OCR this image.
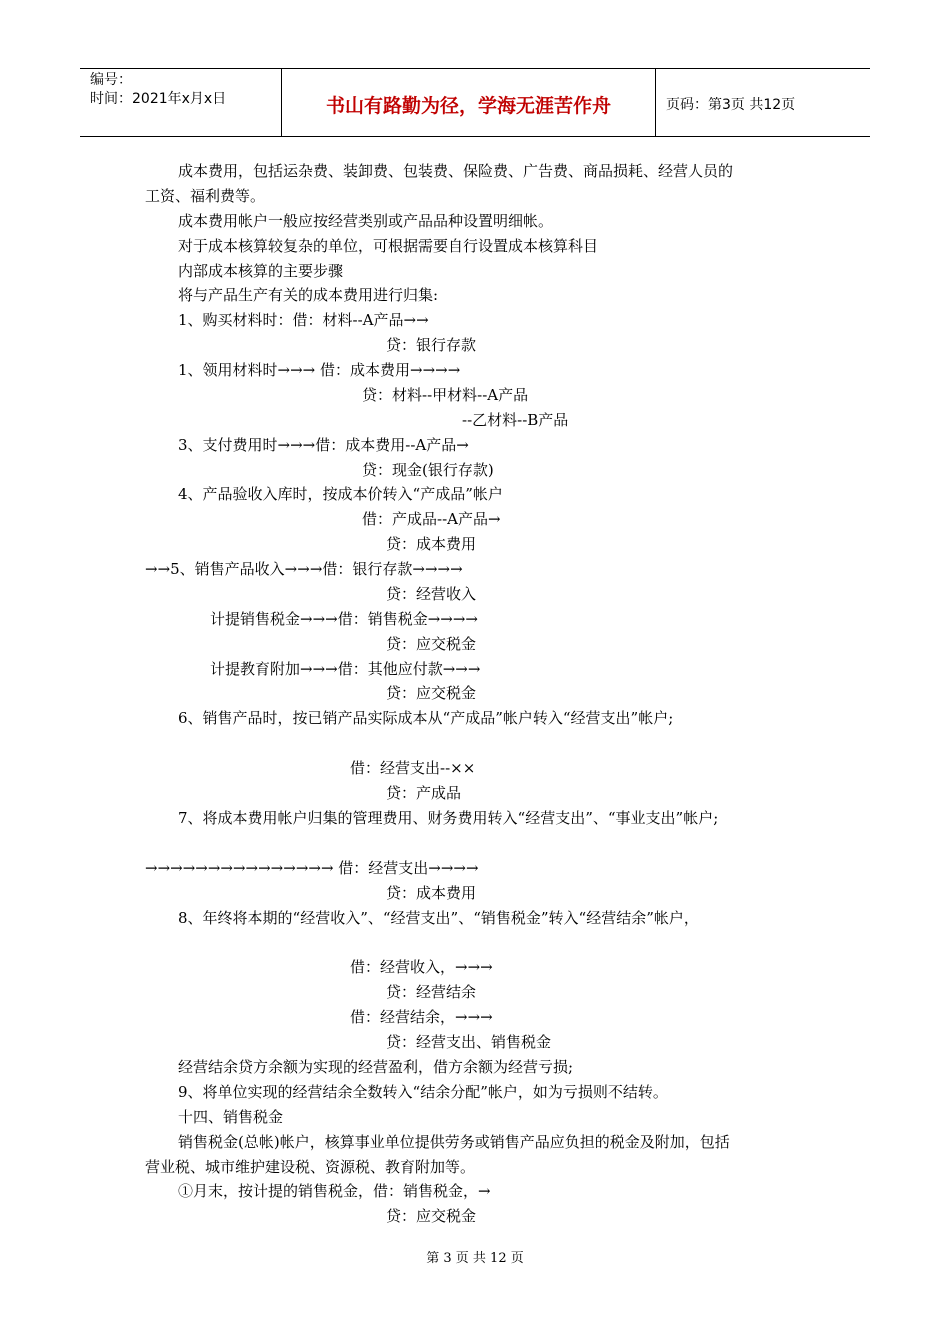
编号：
时间：2021年x月x日	书山有路勤为径，学海无涯苦作舟	页码：第3页 共12页
成本费用，包括运杂费、装卸费、包装费、保险费、广告费、商品损耗、经营人员的
工资、福利费等。
成本费用帐户一般应按经营类别或产品品种设置明细帐。
对于成本核算较复杂的单位，可根据需要自行设置成本核算科目
内部成本核算的主要步骤
将与产品生产有关的成本费用进行归集:
1、购买材料时：借：材料--A产品→→
贷：银行存款
1、领用材料时→→→ 借：成本费用→→→→
贷：材料--甲材料--A产品
--乙材料--B产品
3、支付费用时→→→借：成本费用--A产品→
贷：现金(银行存款)
4、产品验收入库时，按成本价转入“产成品”帐户
借：产成品--A产品→
贷：成本费用
→→5、销售产品收入→→→借：银行存款→→→→
贷：经营收入
计提销售税金→→→借：销售税金→→→→
贷：应交税金
计提教育附加→→→借：其他应付款→→→
贷：应交税金
6、销售产品时，按已销产品实际成本从“产成品”帐户转入“经营支出”帐户;
借：经营支出--××
贷：产成品
7、将成本费用帐户归集的管理费用、财务费用转入“经营支出”、“事业支出”帐户;
→→→→→→→→→→→→→→→ 借：经营支出→→→→
贷：成本费用
8、年终将本期的“经营收入”、“经营支出”、“销售税金”转入“经营结余”帐户，
借：经营收入，→→→
贷：经营结余
借：经营结余，→→→
贷：经营支出、销售税金
经营结余贷方余额为实现的经营盈利，借方余额为经营亏损;
9、将单位实现的经营结余全数转入“结余分配”帐户，如为亏损则不结转。
十四、销售税金
销售税金(总帐)帐户，核算事业单位提供劳务或销售产品应负担的税金及附加，包括
营业税、城市维护建设税、资源税、教育附加等。
①月末，按计提的销售税金，借：销售税金，→
贷：应交税金
第 3 页 共 12 页
